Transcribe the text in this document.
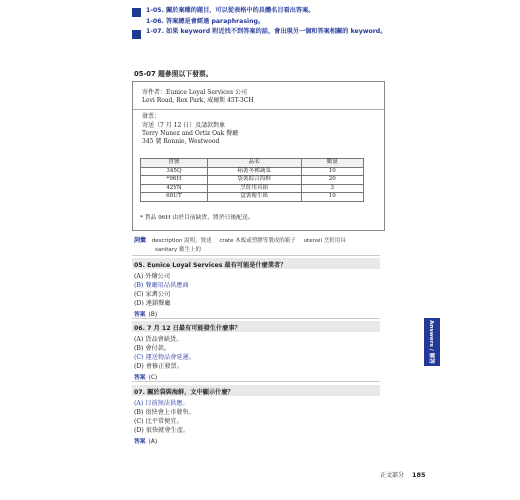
1-05. 關於案種的題目，可以從表格中的具體名目看出答案。
1-06. 答案總是會經過 paraphrasing。
1-07. 如果 keyword 附近找不到答案的話，會出現另一個和答案相關的 keyword。
05-07 題參照以下發票。
寄件者：Eunice Loyal Services 公司
Levi Road, Rex Park, 威爾斯 45T-3CH
發票：
寄送（7 月 12 日）及請款對象
Terry Nunez and Ortiz Oak 餐廳
345 號 Ronnie, Westwood
貨號	品名	數量
345Q	箱裝冬種蔬菜	10
*96H	袋裝綜合海鮮	20
42YN	烹飪用具組	3
68UT	盒裝衛生紙	10
* 貨品 96H 由於目前缺貨，將於日後配送。
詞彙 description 說明，敘述 crate 木板或塑膠等製成的箱子 utensil 烹飪用具
sanitary 衛生上的
05. Eunice Loyal Services 最有可能是什麼業者？
(A) 外燴公司
(B) 餐廳用品供應商
(C) 家禽公司
(D) 連鎖餐廳
答案 (B)
06. 7 月 12 日最有可能發生什麼事？
(A) 貨品會缺貨。
(B) 會付款。
(C) 運送物品會延遲。
(D) 會修正發票。
答案 (C)
07. 關於袋裝海鮮，文中顯示什麼？
(A) 目前無法供應。
(B) 很快會上市發售。
(C) 比平常便宜。
(D) 很快就會生產。
答案 (A)
Answers / 解答
正文部分 185
